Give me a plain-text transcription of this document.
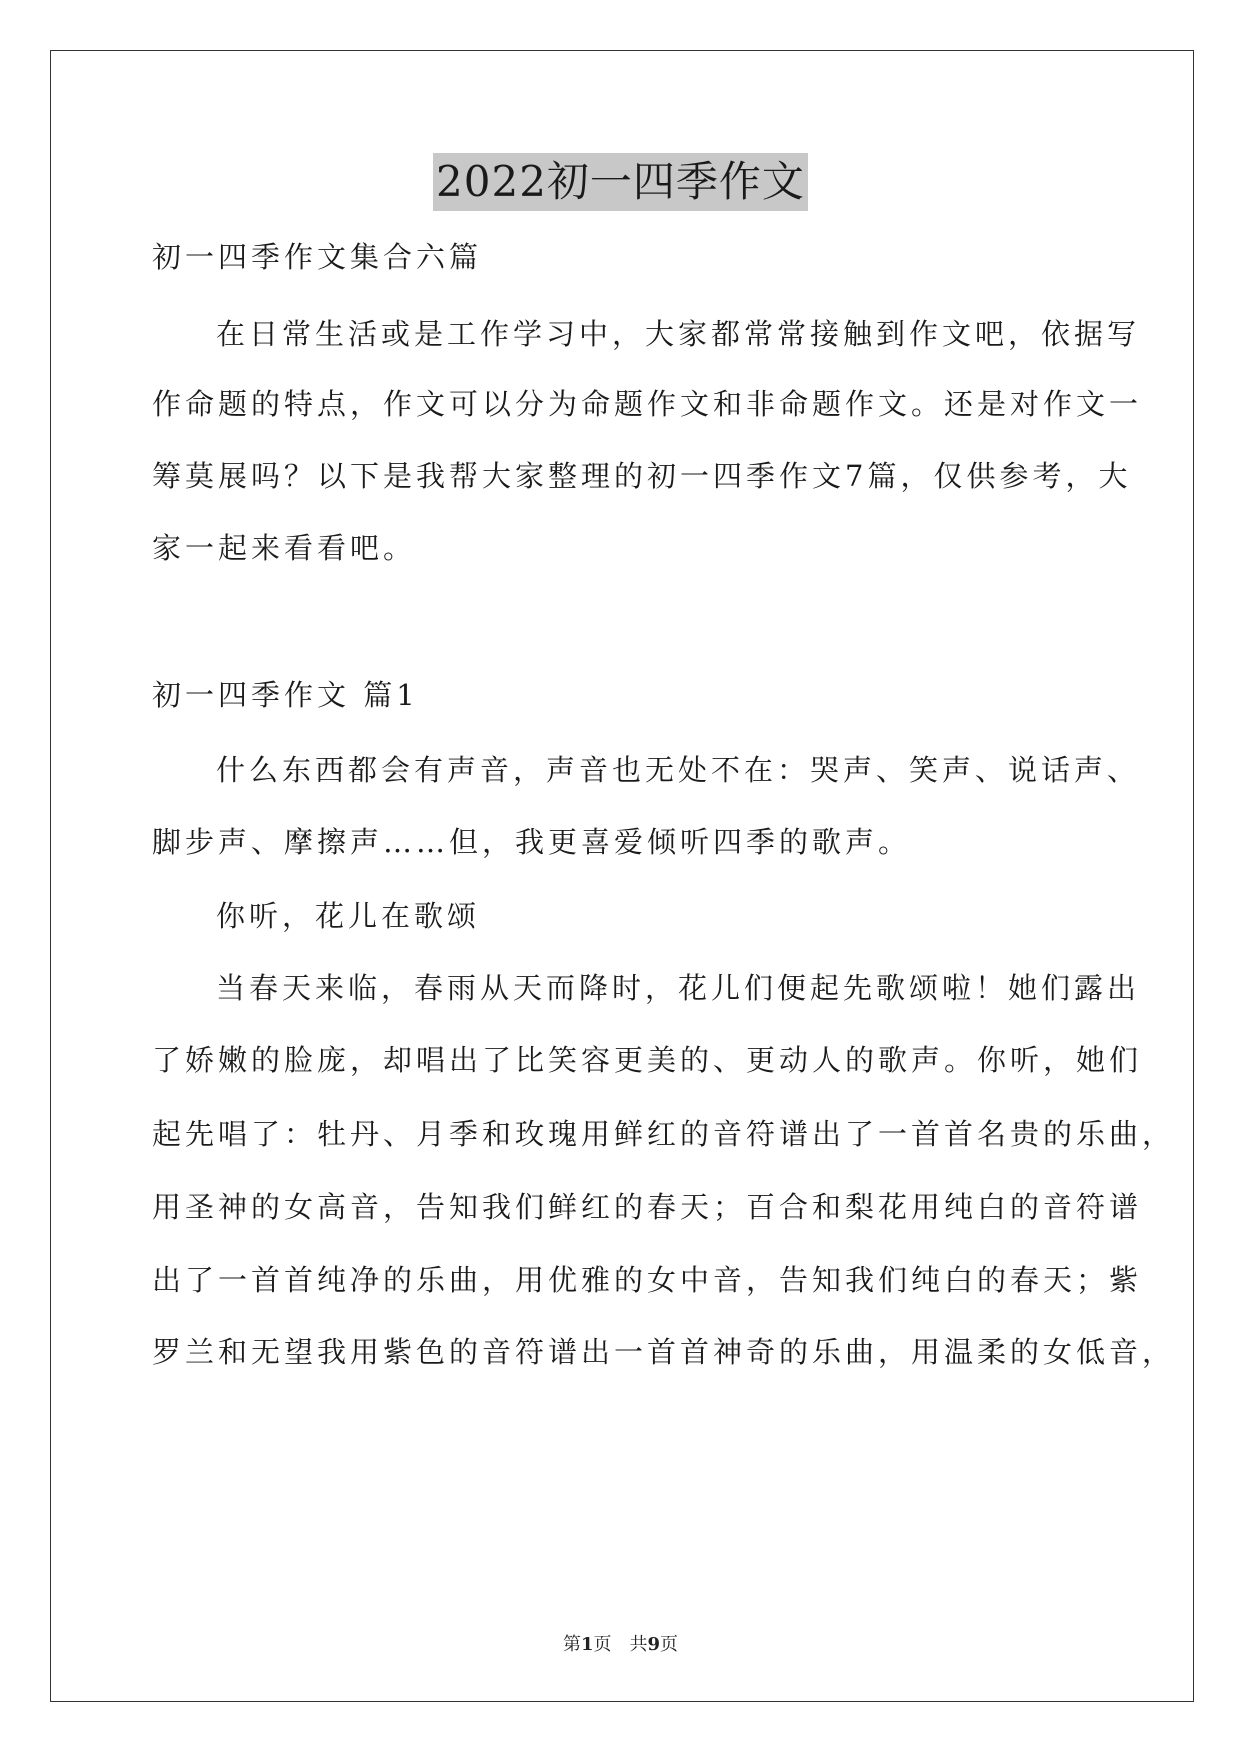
2022初一四季作文
初一四季作文集合六篇
在日常生活或是工作学习中，大家都常常接触到作文吧，依据写
作命题的特点，作文可以分为命题作文和非命题作文。还是对作文一
筹莫展吗？以下是我帮大家整理的初一四季作文7篇，仅供参考，大
家一起来看看吧。
初一四季作文 篇1
什么东西都会有声音，声音也无处不在：哭声、笑声、说话声、
脚步声、摩擦声……但，我更喜爱倾听四季的歌声。
你听，花儿在歌颂
当春天来临，春雨从天而降时，花儿们便起先歌颂啦！她们露出
了娇嫩的脸庞，却唱出了比笑容更美的、更动人的歌声。你听，她们
起先唱了：牡丹、月季和玫瑰用鲜红的音符谱出了一首首名贵的乐曲，
用圣神的女高音，告知我们鲜红的春天；百合和梨花用纯白的音符谱
出了一首首纯净的乐曲，用优雅的女中音，告知我们纯白的春天；紫
罗兰和无望我用紫色的音符谱出一首首神奇的乐曲，用温柔的女低音，
第1页　共9页
